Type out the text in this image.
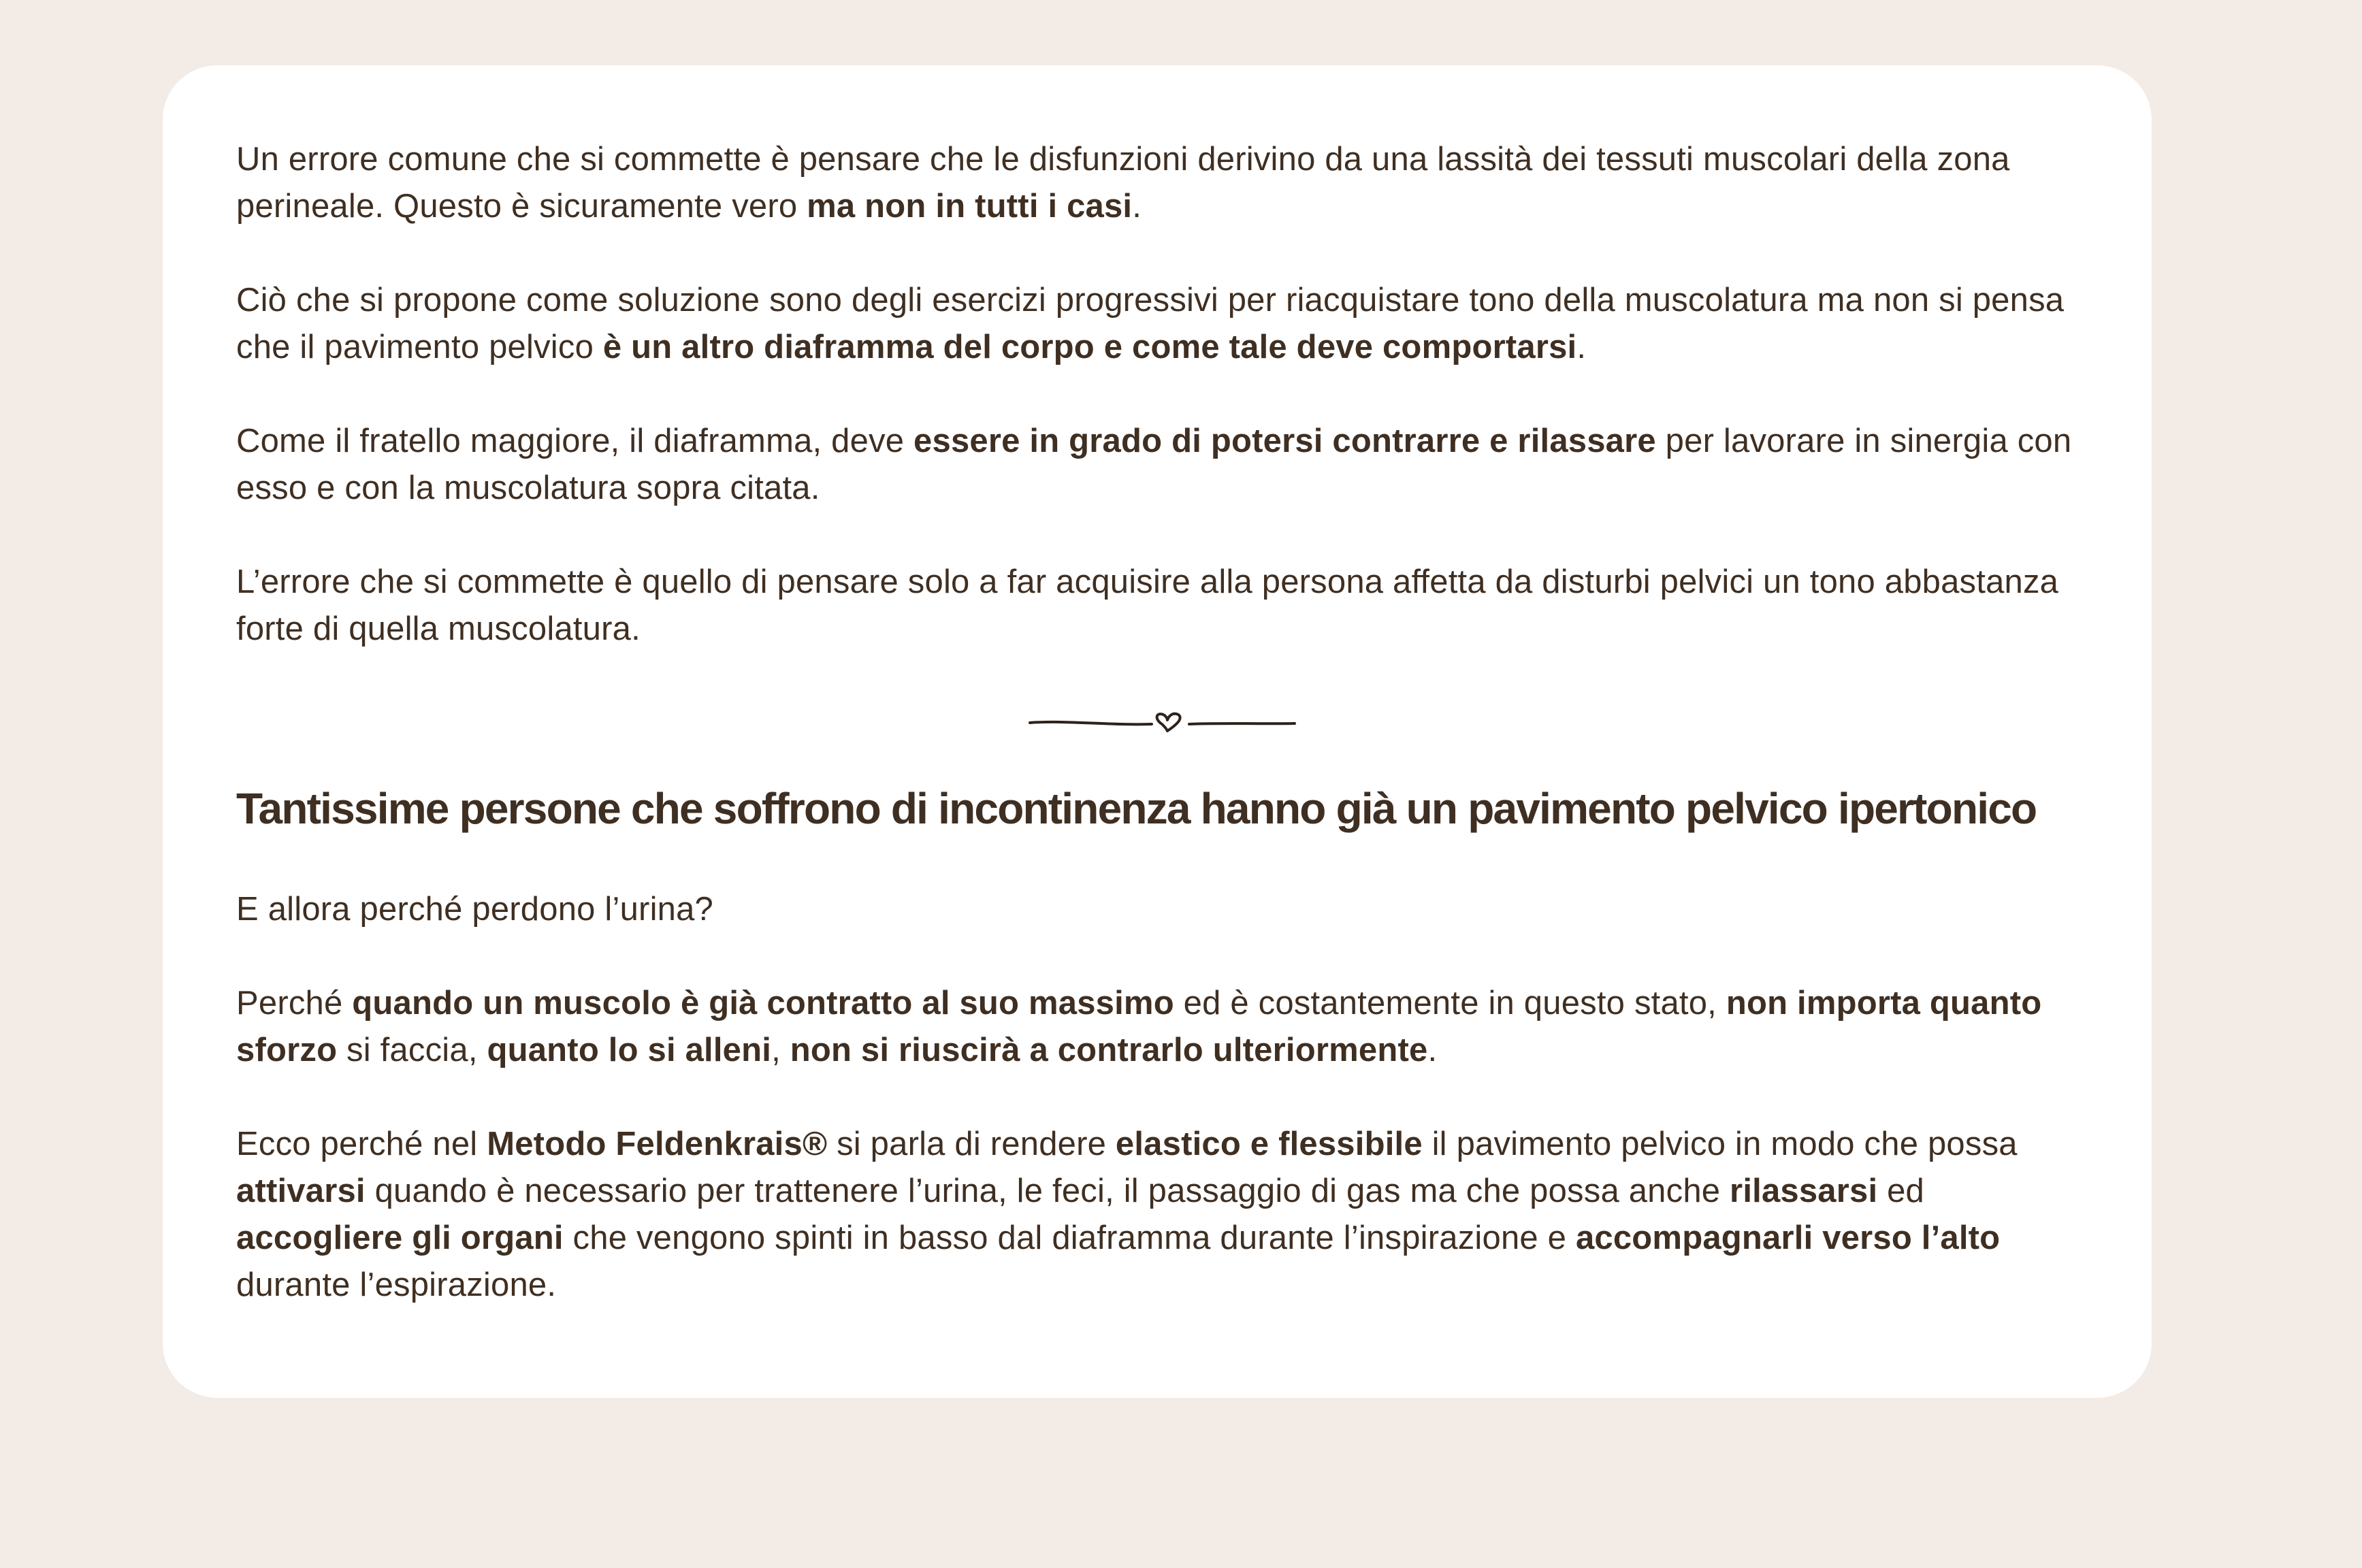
Un errore comune che si commette è pensare che le disfunzioni derivino da una lassità dei tessuti muscolari della zona perineale. Questo è sicuramente vero ma non in tutti i casi.

Ciò che si propone come soluzione sono degli esercizi progressivi per riacquistare tono della muscolatura ma non si pensa che il pavimento pelvico è un altro diaframma del corpo e come tale deve comportarsi.

Come il fratello maggiore, il diaframma, deve essere in grado di potersi contrarre e rilassare per lavorare in sinergia con esso e con la muscolatura sopra citata.

L’errore che si commette è quello di pensare solo a far acquisire alla persona affetta da disturbi pelvici un tono abbastanza forte di quella muscolatura.

Tantissime persone che soffrono di incontinenza hanno già un pavimento pelvico ipertonico

E allora perché perdono l’urina?

Perché quando un muscolo è già contratto al suo massimo ed è costantemente in questo stato, non importa quanto sforzo si faccia, quanto lo si alleni, non si riuscirà a contrarlo ulteriormente.

Ecco perché nel Metodo Feldenkrais® si parla di rendere elastico e flessibile il pavimento pelvico in modo che possa attivarsi quando è necessario per trattenere l’urina, le feci, il passaggio di gas ma che possa anche rilassarsi ed accogliere gli organi che vengono spinti in basso dal diaframma durante l’inspirazione e accompagnarli verso l’alto durante l’espirazione.
